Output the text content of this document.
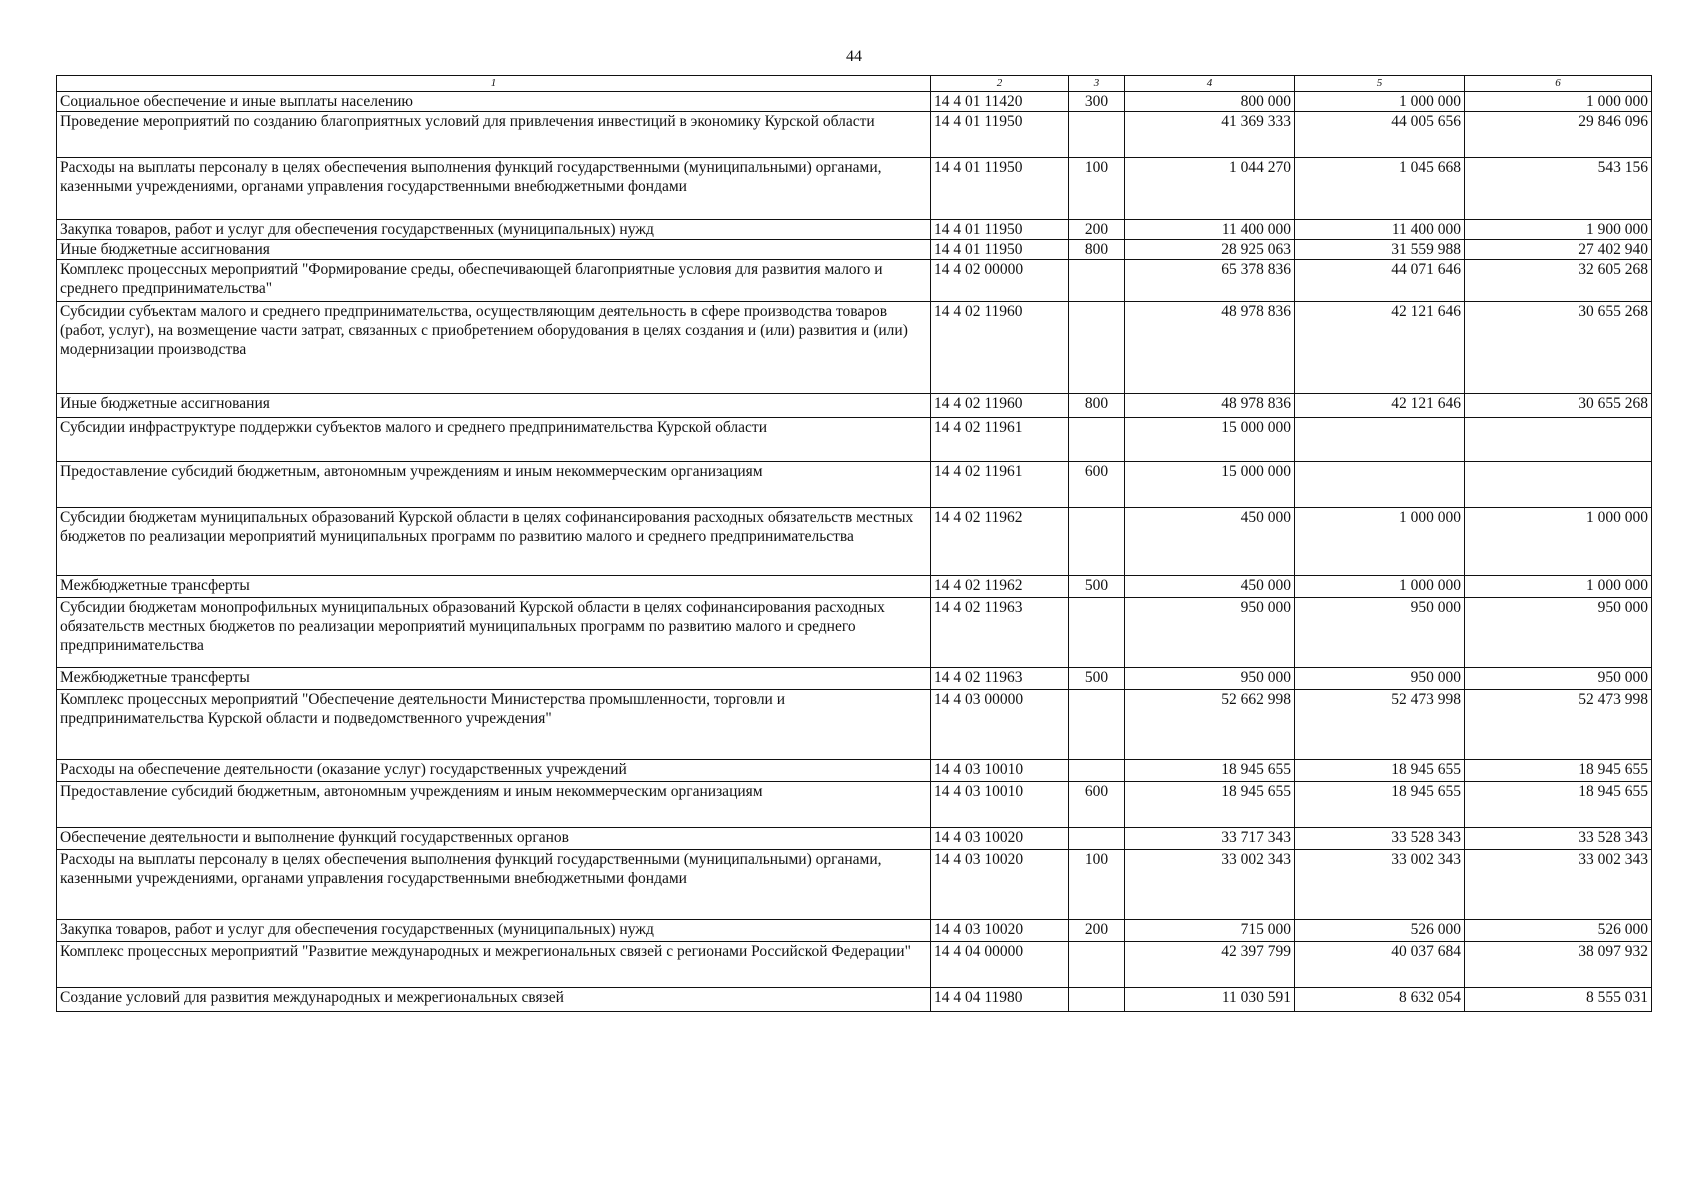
44
1	2	3	4	5	6
Социальное обеспечение и иные выплаты населению	14 4 01 11420	300	800 000	1 000 000	1 000 000
Проведение мероприятий по созданию благоприятных условий для привлечения инвестиций в экономику Курской области	14 4 01 11950		41 369 333	44 005 656	29 846 096
Расходы на выплаты персоналу в целях обеспечения выполнения функций государственными (муниципальными) органами, казенными учреждениями, органами управления государственными внебюджетными фондами	14 4 01 11950	100	1 044 270	1 045 668	543 156
Закупка товаров, работ и услуг для обеспечения государственных (муниципальных) нужд	14 4 01 11950	200	11 400 000	11 400 000	1 900 000
Иные бюджетные ассигнования	14 4 01 11950	800	28 925 063	31 559 988	27 402 940
Комплекс процессных мероприятий "Формирование среды, обеспечивающей благоприятные условия для развития малого и среднего предпринимательства"	14 4 02 00000		65 378 836	44 071 646	32 605 268
Субсидии субъектам малого и среднего предпринимательства, осуществляющим деятельность в сфере производства товаров (работ, услуг), на возмещение части затрат, связанных с приобретением оборудования в целях создания и (или) развития и (или) модернизации производства	14 4 02 11960		48 978 836	42 121 646	30 655 268
Иные бюджетные ассигнования	14 4 02 11960	800	48 978 836	42 121 646	30 655 268
Субсидии инфраструктуре поддержки субъектов малого и среднего предпринимательства Курской области	14 4 02 11961		15 000 000		
Предоставление субсидий бюджетным, автономным учреждениям и иным некоммерческим организациям	14 4 02 11961	600	15 000 000		
Субсидии бюджетам муниципальных образований Курской области в целях софинансирования расходных обязательств местных бюджетов по реализации мероприятий муниципальных программ по развитию малого и среднего предпринимательства	14 4 02 11962		450 000	1 000 000	1 000 000
Межбюджетные трансферты	14 4 02 11962	500	450 000	1 000 000	1 000 000
Субсидии бюджетам монопрофильных муниципальных образований Курской области в целях софинансирования расходных обязательств местных бюджетов по реализации мероприятий муниципальных программ по развитию малого и среднего предпринимательства	14 4 02 11963		950 000	950 000	950 000
Межбюджетные трансферты	14 4 02 11963	500	950 000	950 000	950 000
Комплекс процессных мероприятий "Обеспечение деятельности Министерства промышленности, торговли и предпринимательства Курской области и подведомственного учреждения"	14 4 03 00000		52 662 998	52 473 998	52 473 998
Расходы на обеспечение деятельности (оказание услуг) государственных учреждений	14 4 03 10010		18 945 655	18 945 655	18 945 655
Предоставление субсидий бюджетным, автономным учреждениям и иным некоммерческим организациям	14 4 03 10010	600	18 945 655	18 945 655	18 945 655
Обеспечение деятельности и выполнение функций государственных органов	14 4 03 10020		33 717 343	33 528 343	33 528 343
Расходы на выплаты персоналу в целях обеспечения выполнения функций государственными (муниципальными) органами, казенными учреждениями, органами управления государственными внебюджетными фондами	14 4 03 10020	100	33 002 343	33 002 343	33 002 343
Закупка товаров, работ и услуг для обеспечения государственных (муниципальных) нужд	14 4 03 10020	200	715 000	526 000	526 000
Комплекс процессных мероприятий "Развитие международных и межрегиональных связей с регионами Российской Федерации"	14 4 04 00000		42 397 799	40 037 684	38 097 932
Создание условий для развития международных и межрегиональных связей	14 4 04 11980		11 030 591	8 632 054	8 555 031
